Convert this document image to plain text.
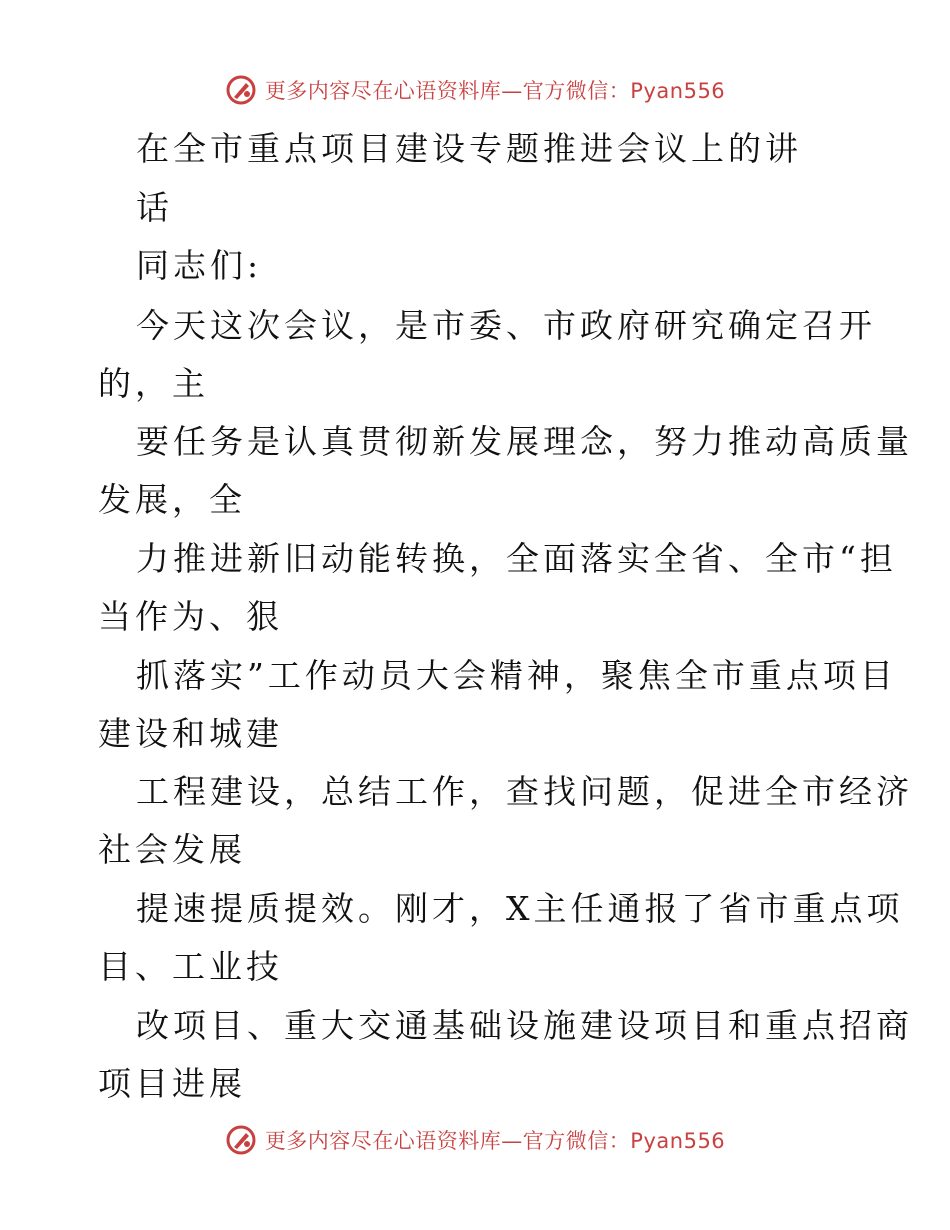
更多内容尽在心语资料库—官方微信：Pyan556
在全市重点项目建设专题推进会议上的讲
话
同志们:
今天这次会议，是市委、市政府研究确定召开
的，主
要任务是认真贯彻新发展理念，努力推动高质量
发展，全
力推进新旧动能转换，全面落实全省、全市“担
当作为、狠
抓落实”工作动员大会精神，聚焦全市重点项目
建设和城建
工程建设，总结工作，查找问题，促进全市经济
社会发展
提速提质提效。刚才，X主任通报了省市重点项
目、工业技
改项目、重大交通基础设施建设项目和重点招商
项目进展
更多内容尽在心语资料库—官方微信：Pyan556
